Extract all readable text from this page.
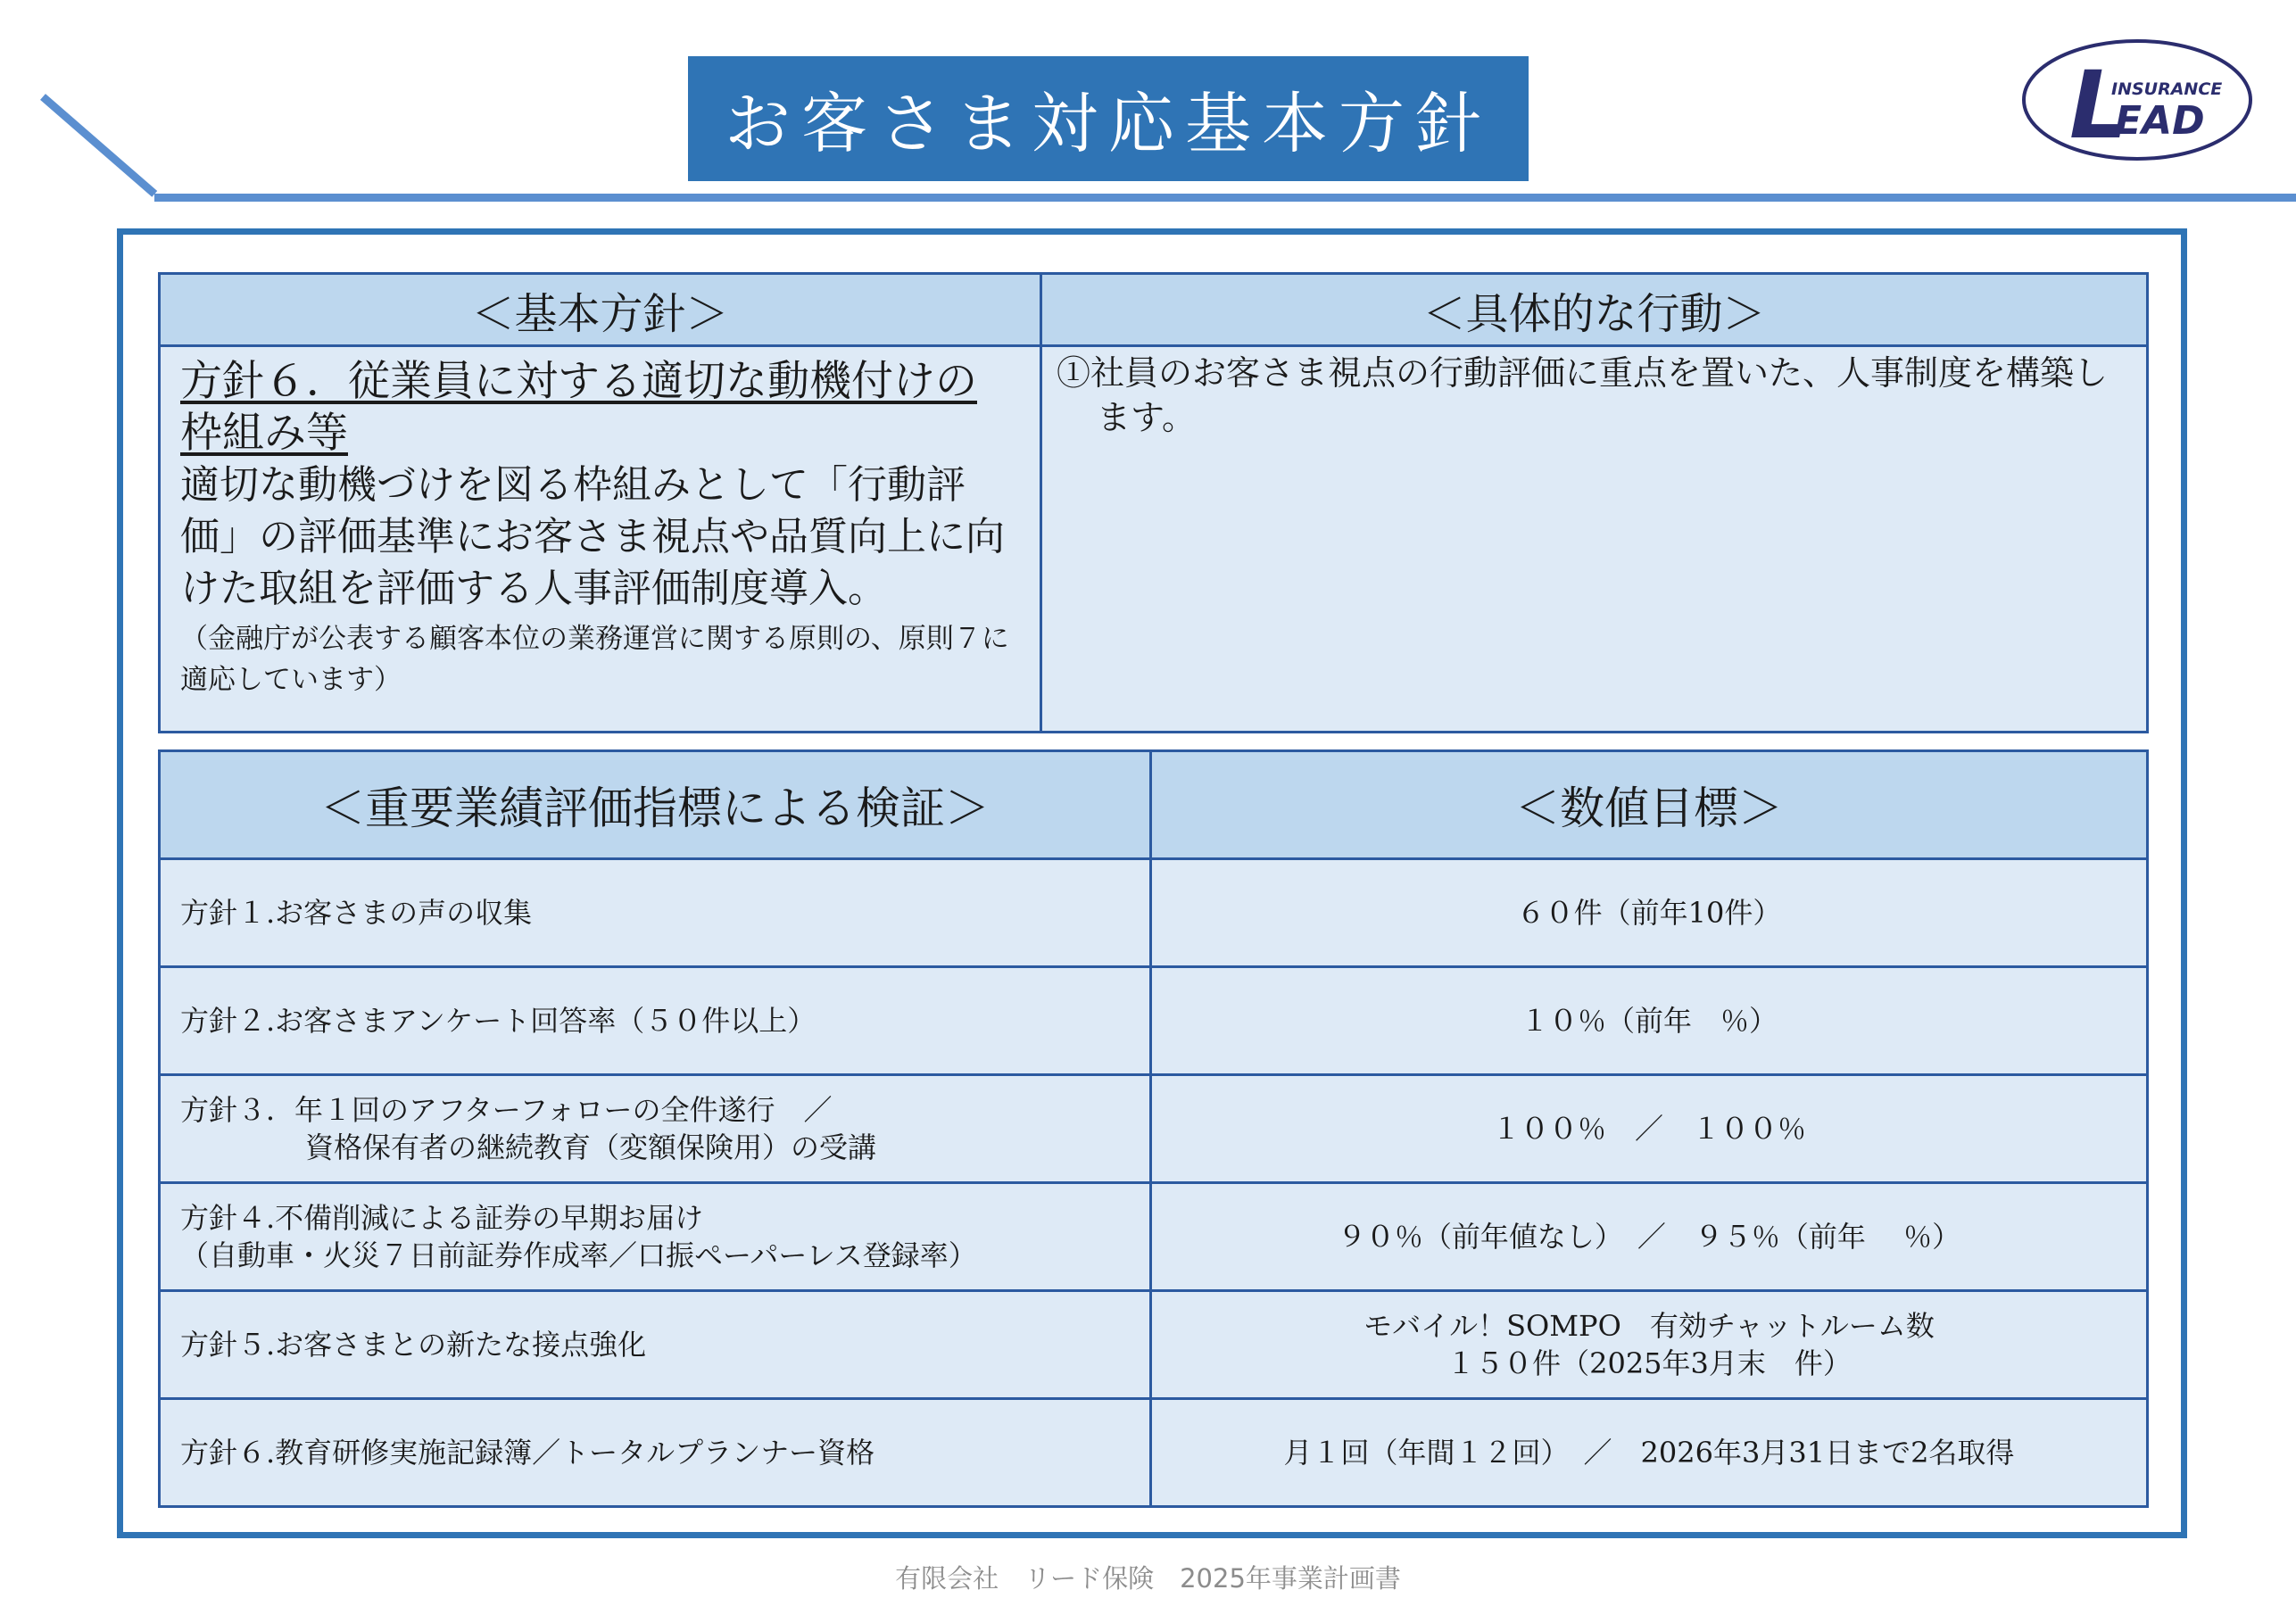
お客さま対応基本方針	L
INSURANCE
EAD
＜基本方針＞	＜具体的な行動＞

方針６．従業員に対する適切な動機付けの
枠組み等
適切な動機づけを図る枠組みとして「行動評価」の評価基準にお客さま視点や品質向上に向けた取組を評価する人事評価制度導入。
（金融庁が公表する顧客本位の業務運営に関する原則の、原則７に適応しています）	①社員のお客さま視点の行動評価に重点を置いた、人事制度を構築します。
＜重要業績評価指標による検証＞	＜数値目標＞

方針１.お客さまの声の収集	６０件（前年10件）

方針２.お客さまアンケート回答率（５０件以上）	１０％（前年　％）

方針３．年１回のアフターフォローの全件遂行　／
資格保有者の継続教育（変額保険用）の受講	１００％　／　１００％

方針４.不備削減による証券の早期お届け
（自動車・火災７日前証券作成率／口振ペーパーレス登録率）	９０％（前年値なし）　／　９５％（前年　 ％）

方針５.お客さまとの新たな接点強化	モバイル！SOMPO　有効チャットルーム数
１５０件（2025年3月末　件）

方針６.教育研修実施記録簿／トータルプランナー資格	月１回（年間１２回）　／　2026年3月31日まで2名取得
有限会社　リード保険　2025年事業計画書
